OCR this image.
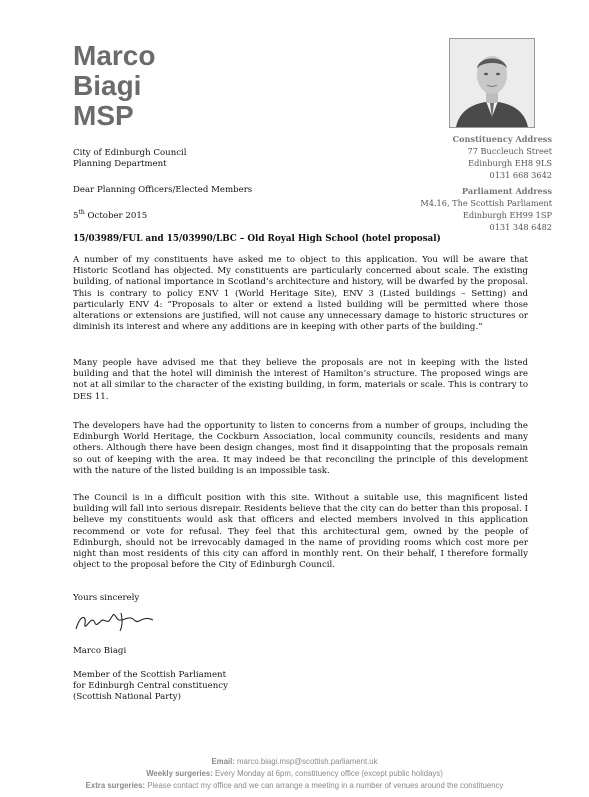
Marco
Biagi
MSP
Constituency Address
77 Buccleuch Street
Edinburgh EH8 9LS
0131 668 3642
Parliament Address
M4.16, The Scottish Parliament
Edinburgh EH99 1SP
0131 348 6482
City of Edinburgh Council
Planning Department
Dear Planning Officers/Elected Members
5th October 2015
15/03989/FUL and 15/03990/LBC – Old Royal High School (hotel proposal)
A number of my constituents have asked me to object to this application. You will be aware that Historic Scotland has objected. My constituents are particularly concerned about scale. The existing building, of national importance in Scotland’s architecture and history, will be dwarfed by the proposal. This is contrary to policy ENV 1 (World Heritage Site), ENV 3 (Listed buildings – Setting) and particularly ENV 4: “Proposals to alter or extend a listed building will be permitted where those alterations or extensions are justified, will not cause any unnecessary damage to historic structures or diminish its interest and where any additions are in keeping with other parts of the building.”
Many people have advised me that they believe the proposals are not in keeping with the listed building and that the hotel will diminish the interest of Hamilton’s structure. The proposed wings are not at all similar to the character of the existing building, in form, materials or scale. This is contrary to DES 11.
The developers have had the opportunity to listen to concerns from a number of groups, including the Edinburgh World Heritage, the Cockburn Association, local community councils, residents and many others. Although there have been design changes, most find it disappointing that the proposals remain so out of keeping with the area. It may indeed be that reconciling the principle of this development with the nature of the listed building is an impossible task.
The Council is in a difficult position with this site. Without a suitable use, this magnificent listed building will fall into serious disrepair. Residents believe that the city can do better than this proposal. I believe my constituents would ask that officers and elected members involved in this application recommend or vote for refusal. They feel that this architectural gem, owned by the people of Edinburgh, should not be irrevocably damaged in the name of providing rooms which cost more per night than most residents of this city can afford in monthly rent. On their behalf, I therefore formally object to the proposal before the City of Edinburgh Council.
Yours sincerely
Marco Biagi
Member of the Scottish Parliament
for Edinburgh Central constituency
(Scottish National Party)
Email: marco.biagi.msp@scottish.parliament.uk
Weekly surgeries: Every Monday at 6pm, constituency office (except public holidays)
Extra surgeries: Please contact my office and we can arrange a meeting in a number of venues around the constituency
